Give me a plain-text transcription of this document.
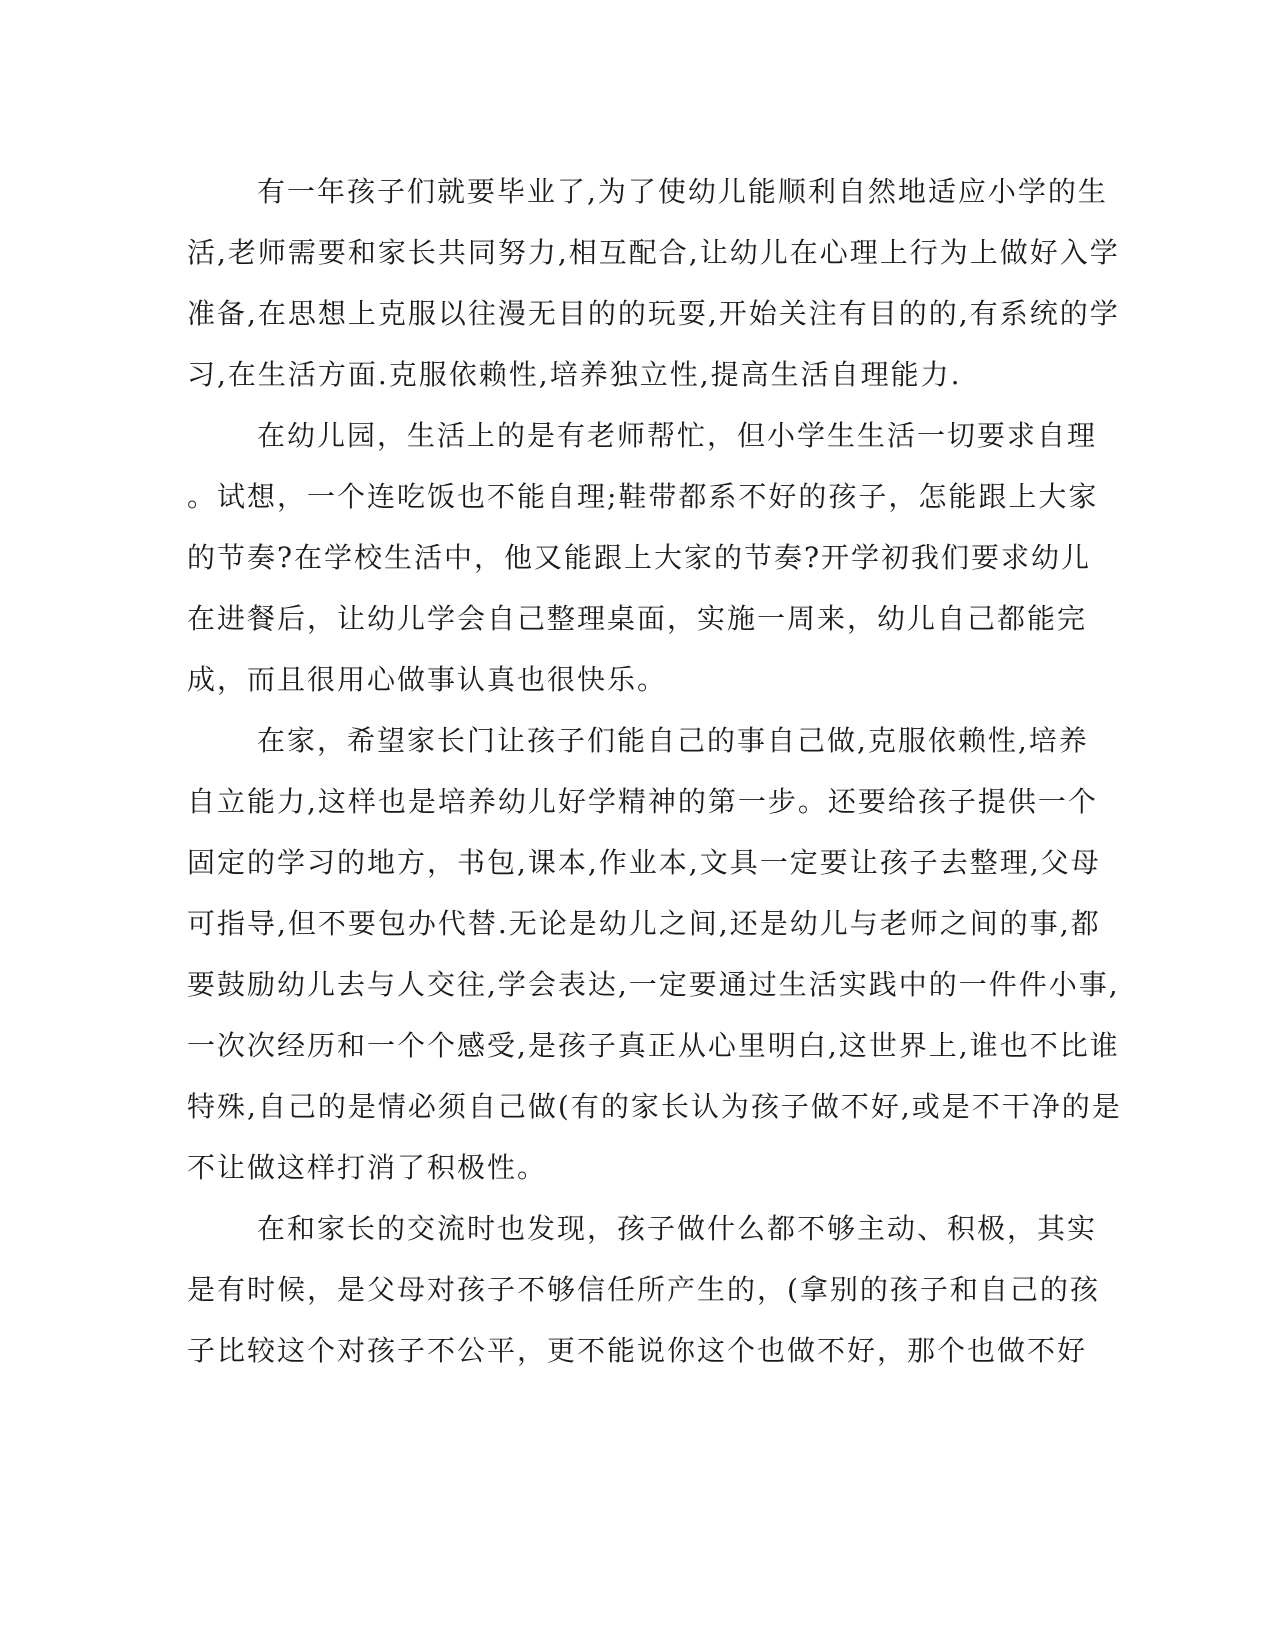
有一年孩子们就要毕业了,为了使幼儿能顺利自然地适应小学的生
活,老师需要和家长共同努力,相互配合,让幼儿在心理上行为上做好入学
准备,在思想上克服以往漫无目的的玩耍,开始关注有目的的,有系统的学
习,在生活方面.克服依赖性,培养独立性,提高生活自理能力.
在幼儿园，生活上的是有老师帮忙，但小学生生活一切要求自理
。试想，一个连吃饭也不能自理;鞋带都系不好的孩子，怎能跟上大家
的节奏?在学校生活中，他又能跟上大家的节奏?开学初我们要求幼儿
在进餐后，让幼儿学会自己整理桌面，实施一周来，幼儿自己都能完
成，而且很用心做事认真也很快乐。
在家，希望家长门让孩子们能自己的事自己做,克服依赖性,培养
自立能力,这样也是培养幼儿好学精神的第一步。还要给孩子提供一个
固定的学习的地方，书包,课本,作业本,文具一定要让孩子去整理,父母
可指导,但不要包办代替.无论是幼儿之间,还是幼儿与老师之间的事,都
要鼓励幼儿去与人交往,学会表达,一定要通过生活实践中的一件件小事,
一次次经历和一个个感受,是孩子真正从心里明白,这世界上,谁也不比谁
特殊,自己的是情必须自己做(有的家长认为孩子做不好,或是不干净的是
不让做这样打消了积极性。
在和家长的交流时也发现，孩子做什么都不够主动、积极，其实
是有时候，是父母对孩子不够信任所产生的，(拿别的孩子和自己的孩
子比较这个对孩子不公平，更不能说你这个也做不好，那个也做不好
